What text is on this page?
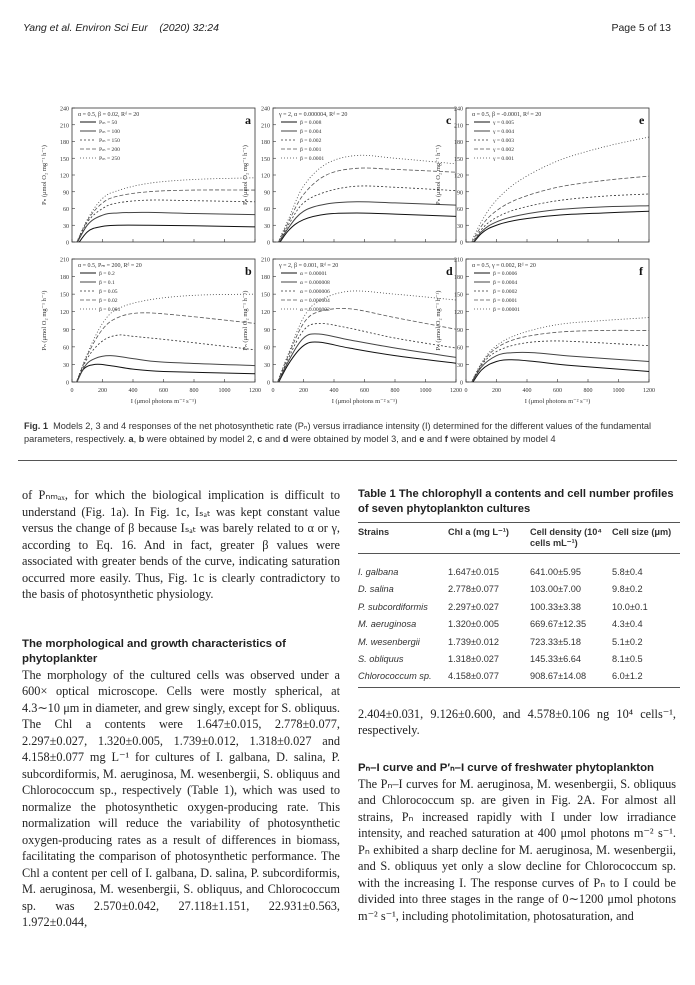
Yang et al. Environ Sci Eur (2020) 32:24	Page 5 of 13
0
30
60
90
120
150
180
210
240
Pₙ (μmol O₂ mg⁻¹ h⁻¹)
a
α = 0.5, β = 0.02, Rᵈ = 20
Pₘ = 50
Pₘ = 100
Pₘ = 150
Pₘ = 200
Pₘ = 250
0
30
60
90
120
150
180
210
Pₙ (μmol O₂ mg⁻¹ h⁻¹)
0	200	400	600	800	1000	1200
I (μmol photons m⁻² s⁻¹)
b
α = 0.5, Pₘ = 200, Rᵈ = 20
β = 0.2
β = 0.1
β = 0.05
β = 0.02
β = 0.001
0
30
60
90
120
150
180
210
240
Pₙ (μmol O₂ mg⁻¹ h⁻¹)
c
γ = 2, α = 0.000004, Rᵈ = 20
β = 0.008
β = 0.004
β = 0.002
β = 0.001
β = 0.0001
0
30
60
90
120
150
180
210
Pₙ (μmol O₂ mg⁻¹ h⁻¹)
0	200	400	600	800	1000	1200
I (μmol photons m⁻² s⁻¹)
d
γ = 2, β = 0.001, Rᵈ = 20
α = 0.00001
α = 0.000008
α = 0.000006
α = 0.000004
α = 0.000002
0
30
60
90
120
150
180
210
240
Pₙ (μmol O₂ mg⁻¹ h⁻¹)
e
α = 0.5, β = -0.0001, Rᵈ = 20
γ = 0.005
γ = 0.004
γ = 0.003
γ = 0.002
γ = 0.001
0
30
60
90
120
150
180
210
Pₙ (μmol O₂ mg⁻¹ h⁻¹)
0	200	400	600	800	1000	1200
I (μmol photons m⁻² s⁻¹)
f
α = 0.5, γ = 0.002, Rᵈ = 20
β = 0.0006
β = 0.0004
β = 0.0002
β = 0.0001
β = 0.00001
Fig. 1 Models 2, 3 and 4 responses of the net photosynthetic rate (Pₙ) versus irradiance intensity (I) determined for the different values of the fundamental parameters, respectively. a, b were obtained by model 2, c and d were obtained by model 3, and e and f were obtained by model 4

of Pₙₘₐₓ, for which the biological implication is difficult to understand (Fig. 1a). In Fig. 1c, Iₛₐₜ was kept constant value versus the change of β because Iₛₐₜ was barely related to α or γ, according to Eq. 16. And in fact, greater β values were associated with greater bends of the curve, indicating saturation occurred more easily. Thus, Fig. 1c is clearly contradictory to the basis of photosynthetic physiology.

The morphological and growth characteristics of phytoplankter

The morphology of the cultured cells was observed under a 600× optical microscope. Cells were mostly spherical, at 4.3∼10 μm in diameter, and grew singly, except for S. obliquus. The Chl a contents were 1.647±0.015, 2.778±0.077, 2.297±0.027, 1.320±0.005, 1.739±0.012, 1.318±0.027 and 4.158±0.077 mg L⁻¹ for cultures of I. galbana, D. salina, P. subcordiformis, M. aeruginosa, M. wesenbergii, S. obliquus and Chlorococcum sp., respectively (Table 1), which was used to normalize the photosynthetic oxygen-producing rate. This normalization will reduce the variability of photosynthetic oxygen-producing rates as a result of differences in biomass, facilitating the comparison of photosynthetic performance. The Chl a content per cell of I. galbana, D. salina, P. subcordiformis, M. aeruginosa, M. wesenbergii, S. obliquus, and Chlorococcum sp. was 2.570±0.042, 27.118±1.151, 22.931±0.563, 1.972±0.044,

Table 1 The chlorophyll a contents and cell number profiles of seven phytoplankton cultures
Strains	Chl a (mg L⁻¹)	Cell density (10⁴ cells mL⁻¹)	Cell size (μm)
I. galbana	1.647±0.015	641.00±5.95	5.8±0.4
D. salina	2.778±0.077	103.00±7.00	9.8±0.2
P. subcordiformis	2.297±0.027	100.33±3.38	10.0±0.1
M. aeruginosa	1.320±0.005	669.67±12.35	4.3±0.4
M. wesenbergii	1.739±0.012	723.33±5.18	5.1±0.2
S. obliquus	1.318±0.027	145.33±6.64	8.1±0.5
Chlorococcum sp.	4.158±0.077	908.67±14.08	6.0±1.2

2.404±0.031, 9.126±0.600, and 4.578±0.106 ng 10⁴ cells⁻¹, respectively.

Pₙ–I curve and P′ₙ–I curve of freshwater phytoplankton

The Pₙ–I curves for M. aeruginosa, M. wesenbergii, S. obliquus and Chlorococcum sp. are given in Fig. 2A. For almost all strains, Pₙ increased rapidly with I under low irradiance intensity, and reached saturation at 400 μmol photons m⁻² s⁻¹. Pₙ exhibited a sharp decline for M. aeruginosa, M. wesenbergii, and S. obliquus yet only a slow decline for Chlorococcum sp. with the increasing I. The response curves of Pₙ to I could be divided into three stages in the range of 0∼1200 μmol photons m⁻² s⁻¹, including photolimitation, photosaturation, and
